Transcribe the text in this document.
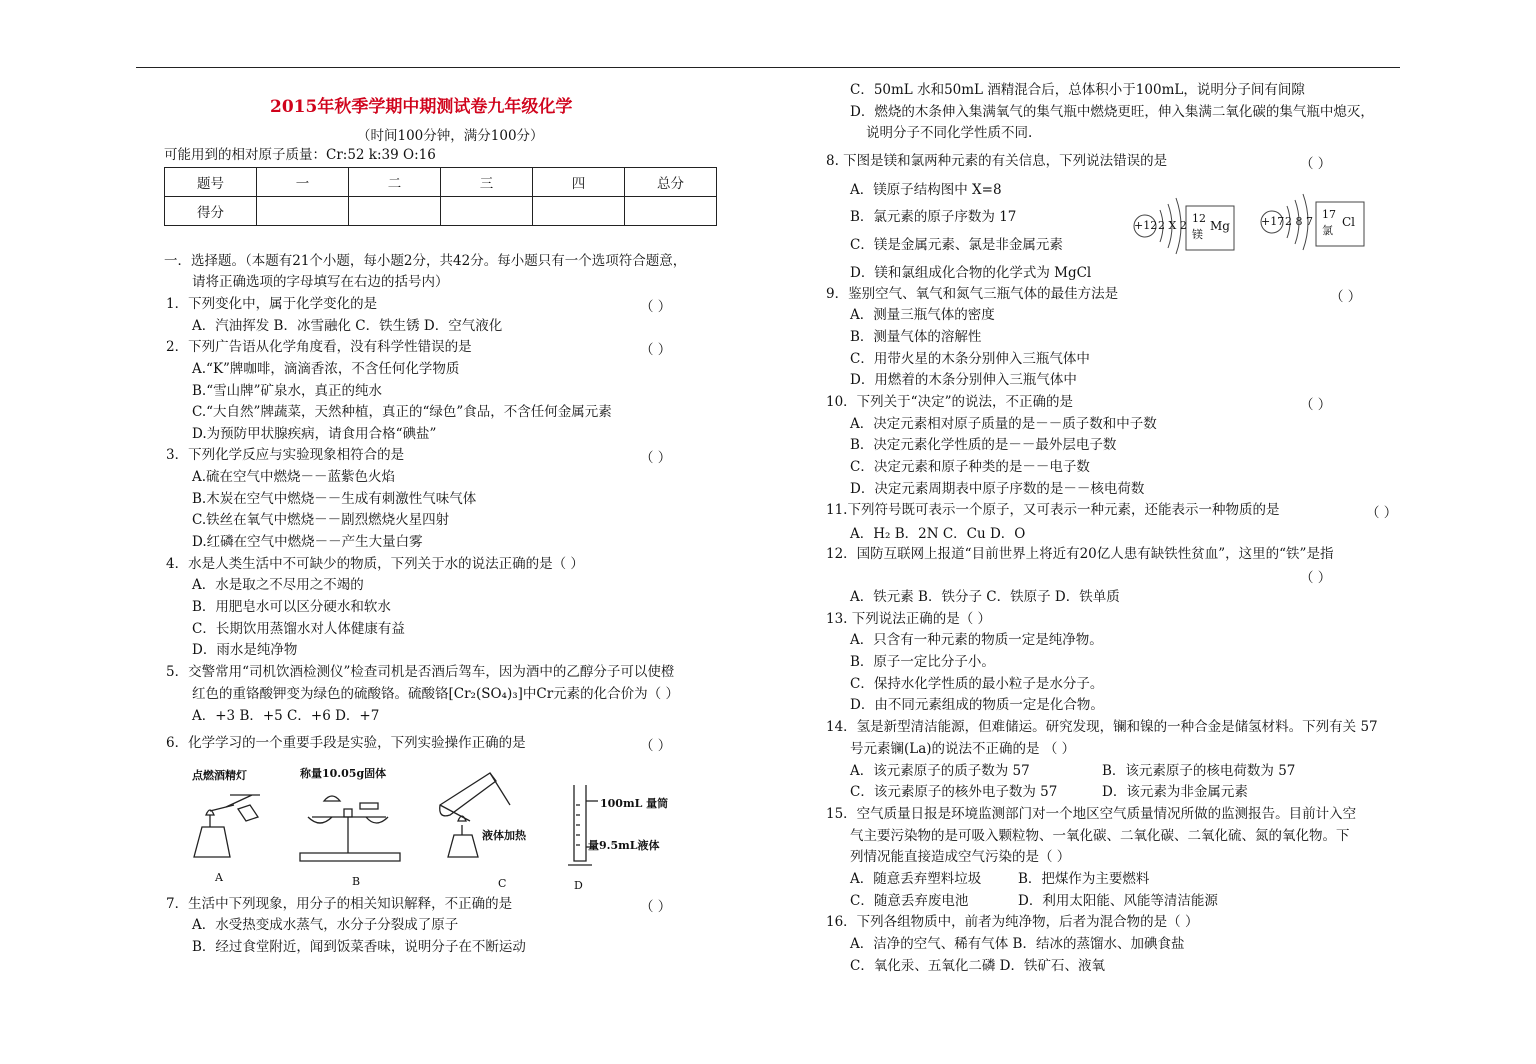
2015年秋季学期中期测试卷九年级化学
（时间100分钟，满分100分）
可能用到的相对原子质量：Cr:52 k:39 O:16
题号	一	二	三	四	总分
得分					
一．选择题。（本题有21个小题，每小题2分，共42分。每小题只有一个选项符合题意，
请将正确选项的字母填写在右边的括号内）
1．下列变化中，属于化学变化的是	（ ）
A．汽油挥发 B．冰雪融化 C．铁生锈 D．空气液化
2．下列广告语从化学角度看，没有科学性错误的是	（ ）
A.“K”牌咖啡，滴滴香浓，不含任何化学物质
B.“雪山牌”矿泉水，真正的纯水
C.“大自然”牌蔬菜，天然种植，真正的“绿色”食品，不含任何金属元素
D.为预防甲状腺疾病，请食用合格“碘盐”
3．下列化学反应与实验现象相符合的是	（ ）
A.硫在空气中燃烧－－蓝紫色火焰
B.木炭在空气中燃烧－－生成有刺激性气味气体
C.铁丝在氧气中燃烧－－剧烈燃烧火星四射
D.红磷在空气中燃烧－－产生大量白雾
4．水是人类生活中不可缺少的物质，下列关于水的说法正确的是（ ）
A．水是取之不尽用之不竭的
B．用肥皂水可以区分硬水和软水
C．长期饮用蒸馏水对人体健康有益
D．雨水是纯净物
5．交警常用“司机饮酒检测仪”检查司机是否酒后驾车，因为酒中的乙醇分子可以使橙
红色的重铬酸钾变为绿色的硫酸铬。硫酸铬[Cr₂(SO₄)₃]中Cr元素的化合价为（ ）
A．+3 B．+5 C．+6 D．+7
6．化学学习的一个重要手段是实验，下列实验操作正确的是	（ ）
点燃酒精灯	称量10.05g固体
液体加热
100mL 量筒
量9.5mL液体
A	B	C	D
7．生活中下列现象，用分子的相关知识解释，不正确的是	（ ）
A．水受热变成水蒸气，水分子分裂成了原子
B．经过食堂附近，闻到饭菜香味，说明分子在不断运动
C．50mL 水和50mL 酒精混合后，总体积小于100mL，说明分子间有间隙
D．燃烧的木条伸入集满氧气的集气瓶中燃烧更旺，伸入集满二氧化碳的集气瓶中熄灭，
说明分子不同化学性质不同.
8. 下图是镁和氯两种元素的有关信息，下列说法错误的是	（ ）
A．镁原子结构图中 X=8
B．氯元素的原子序数为 17
C．镁是金属元素、氯是非金属元素
D．镁和氯组成化合物的化学式为 MgCl
+12 2 X 2
12
Mg
镁
+17 2 8 7
17
Cl
氯
9．鉴别空气、氧气和氮气三瓶气体的最佳方法是	（ ）
A．测量三瓶气体的密度
B．测量气体的溶解性
C．用带火星的木条分别伸入三瓶气体中
D．用燃着的木条分别伸入三瓶气体中
10．下列关于“决定”的说法，不正确的是	（ ）
A．决定元素相对原子质量的是－－质子数和中子数
B．决定元素化学性质的是－－最外层电子数
C．决定元素和原子种类的是－－电子数
D．决定元素周期表中原子序数的是－－核电荷数
11.下列符号既可表示一个原子，又可表示一种元素，还能表示一种物质的是	（ ）
A．H₂ B．2N C．Cu D．O
12．国防互联网上报道“目前世界上将近有20亿人患有缺铁性贫血”，这里的“铁”是指
（ ）
A．铁元素 B．铁分子 C．铁原子 D．铁单质
13. 下列说法正确的是（ ）
A．只含有一种元素的物质一定是纯净物。
B．原子一定比分子小。
C．保持水化学性质的最小粒子是水分子。
D．由不同元素组成的物质一定是化合物。
14．氢是新型清洁能源，但难储运。研究发现，镧和镍的一种合金是储氢材料。下列有关 57
号元素镧(La)的说法不正确的是 （ ）
A．该元素原子的质子数为 57	B．该元素原子的核电荷数为 57
C．该元素原子的核外电子数为 57	D．该元素为非金属元素
15．空气质量日报是环境监测部门对一个地区空气质量情况所做的监测报告。目前计入空
气主要污染物的是可吸入颗粒物、一氧化碳、二氧化碳、二氧化硫、氮的氧化物。下
列情况能直接造成空气污染的是（ ）
A．随意丢弃塑料垃圾	B．把煤作为主要燃料
C．随意丢弃废电池	D．利用太阳能、风能等清洁能源
16．下列各组物质中，前者为纯净物，后者为混合物的是（ ）
A．洁净的空气、稀有气体 B．结冰的蒸馏水、加碘食盐
C．氧化汞、五氧化二磷 D．铁矿石、液氧
